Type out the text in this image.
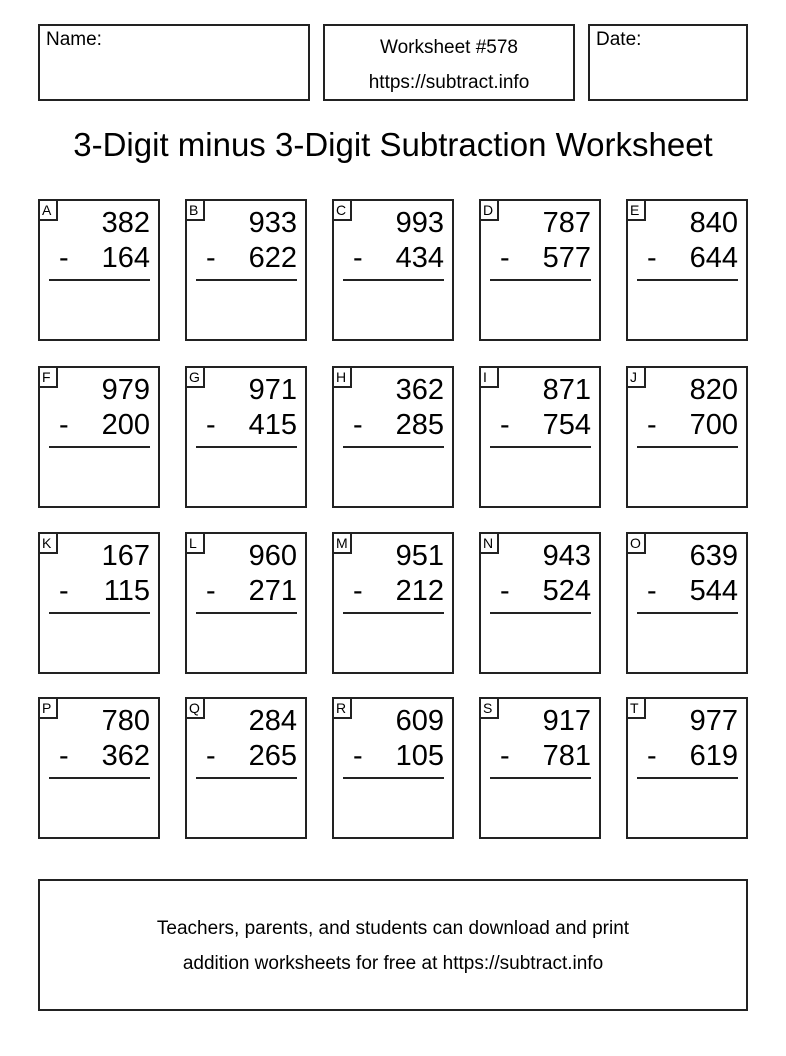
Name:	Worksheet #578
https://subtract.info
Date:
3-Digit minus 3-Digit Subtraction Worksheet
A 382
- 164
B 933
- 622
C 993
- 434
D 787
- 577
E 840
- 644
F 979
- 200
G 971
- 415
H 362
- 285
I	871
- 754
J	820
- 700
K 167
- 115
L 960
- 271
M 951
- 212
N 943
- 524
O 639
- 544
P 780
- 362
Q 284
- 265
R 609
- 105
S 917
- 781
T 977
- 619
Teachers, parents, and students can download and print
addition worksheets for free at https://subtract.info
